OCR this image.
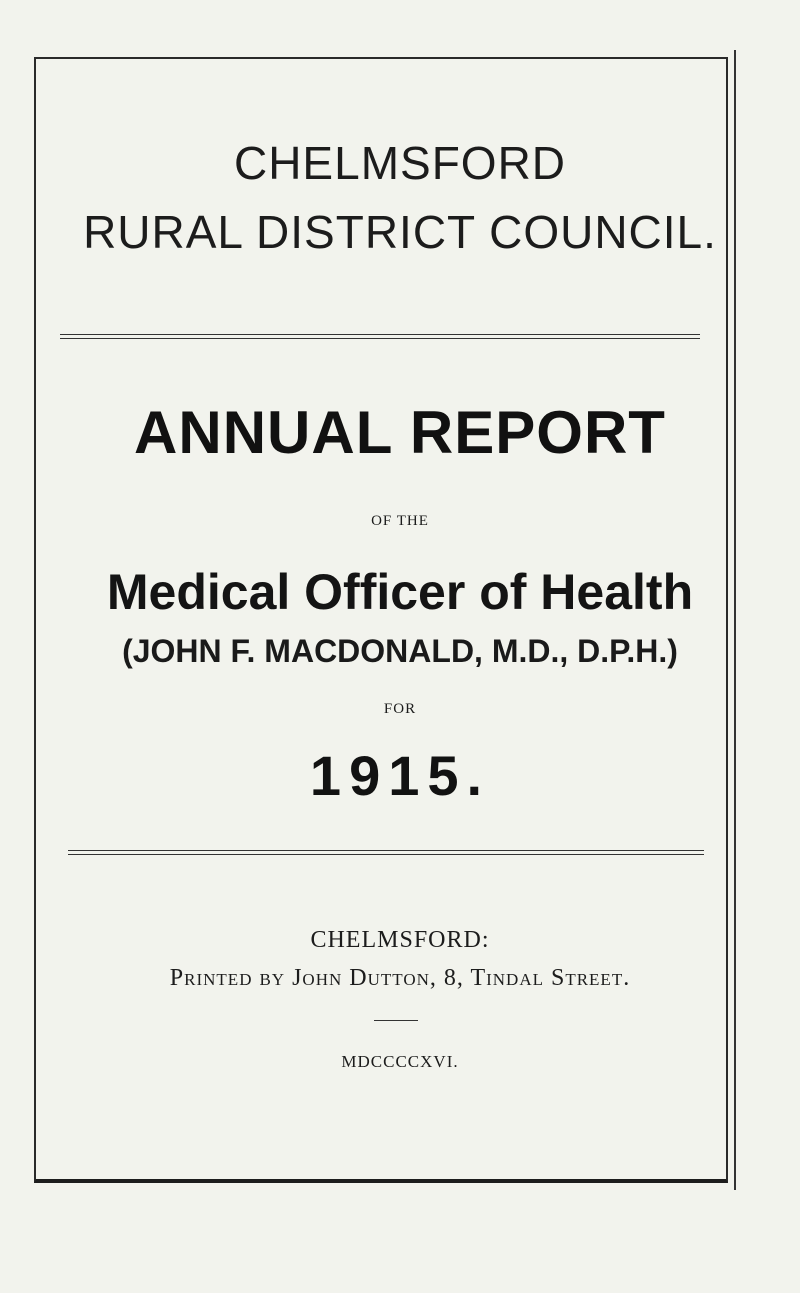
CHELMSFORD
RURAL DISTRICT COUNCIL.
ANNUAL REPORT
OF THE
Medical Officer of Health
(JOHN F. MACDONALD, M.D., D.P.H.)
FOR
1915.
CHELMSFORD:
Printed by John Dutton, 8, Tindal Street.
MDCCCCXVI.
